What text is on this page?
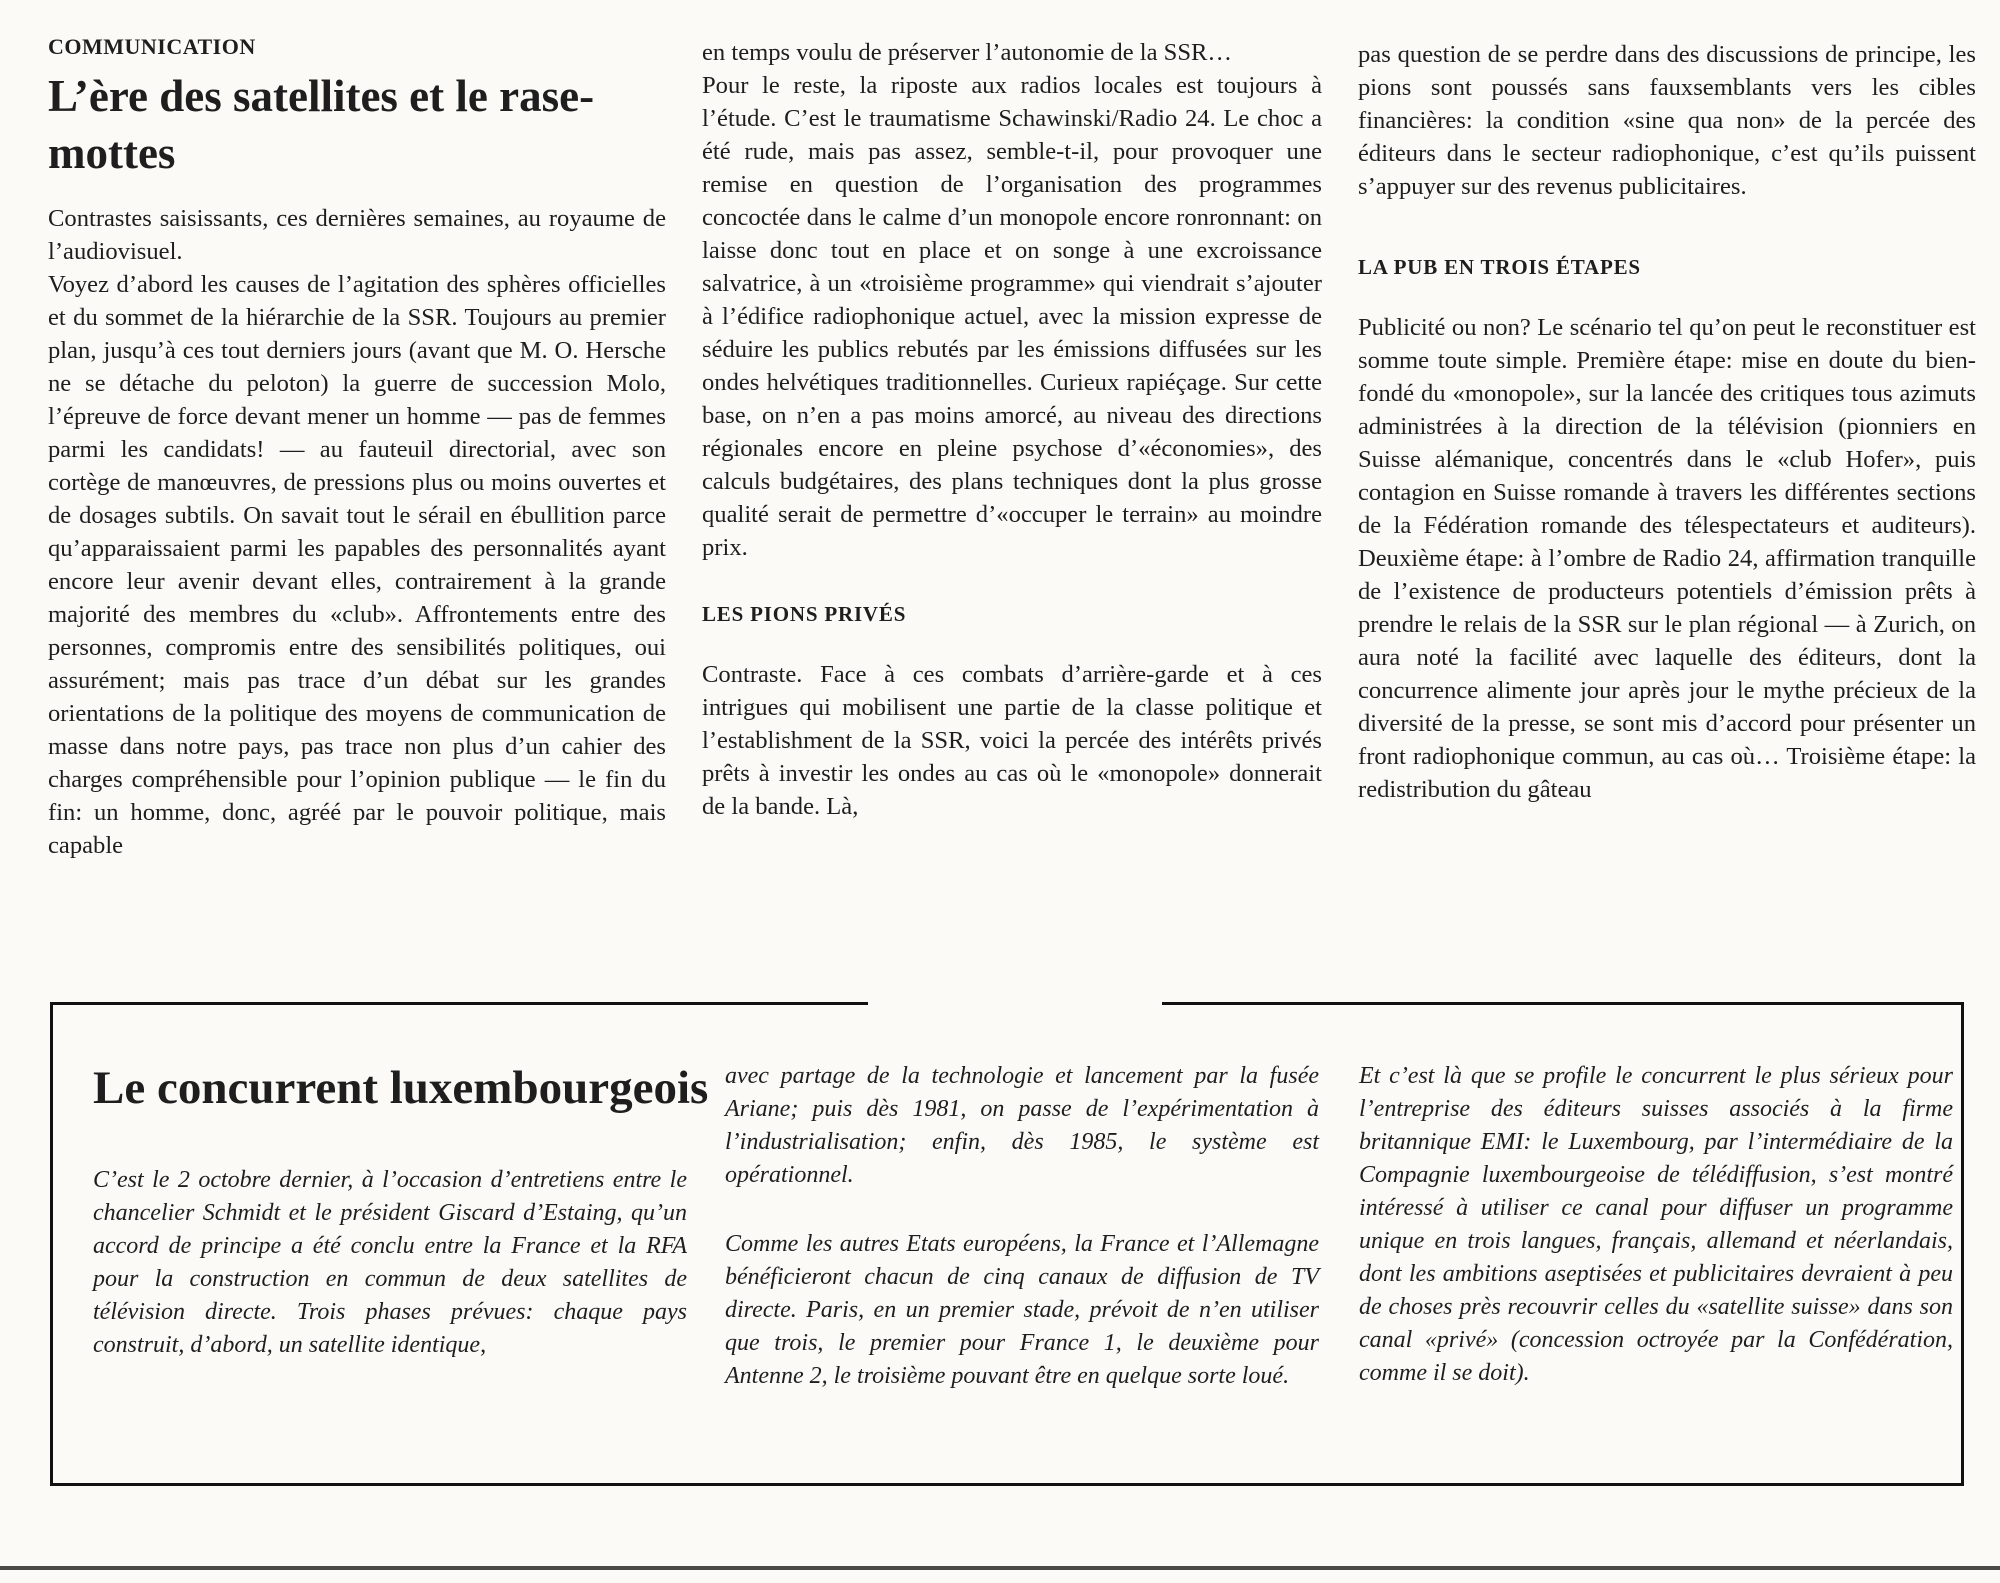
COMMUNICATION
L’ère des satellites et le rase-mottes

Contrastes saisissants, ces dernières semaines, au royaume de l’audiovisuel.

Voyez d’abord les causes de l’agitation des sphères officielles et du sommet de la hiérarchie de la SSR. Toujours au premier plan, jusqu’à ces tout derniers jours (avant que M. O. Hersche ne se détache du peloton) la guerre de succession Molo, l’épreuve de force devant mener un homme — pas de femmes parmi les candidats! — au fauteuil directorial, avec son cortège de manœuvres, de pressions plus ou moins ouvertes et de dosages subtils. On savait tout le sérail en ébullition parce qu’apparaissaient parmi les papables des personnalités ayant encore leur avenir devant elles, contrairement à la grande majorité des membres du «club». Affrontements entre des personnes, compromis entre des sensibilités politiques, oui assurément; mais pas trace d’un débat sur les grandes orientations de la politique des moyens de communication de masse dans notre pays, pas trace non plus d’un cahier des charges compréhensible pour l’opinion publique — le fin du fin: un homme, donc, agréé par le pouvoir politique, mais capable

en temps voulu de préserver l’autonomie de la SSR…

Pour le reste, la riposte aux radios locales est toujours à l’étude. C’est le traumatisme Schawinski/Radio 24. Le choc a été rude, mais pas assez, semble-t-il, pour provoquer une remise en question de l’organisation des programmes concoctée dans le calme d’un monopole encore ronronnant: on laisse donc tout en place et on songe à une excroissance salvatrice, à un «troisième programme» qui viendrait s’ajouter à l’édifice radiophonique actuel, avec la mission expresse de séduire les publics rebutés par les émissions diffusées sur les ondes helvétiques traditionnelles. Curieux rapiéçage. Sur cette base, on n’en a pas moins amorcé, au niveau des directions régionales encore en pleine psychose d’«économies», des calculs budgétaires, des plans techniques dont la plus grosse qualité serait de permettre d’«occuper le terrain» au moindre prix.

LES PIONS PRIVÉS

Contraste. Face à ces combats d’arrière-garde et à ces intrigues qui mobilisent une partie de la classe politique et l’establishment de la SSR, voici la percée des intérêts privés prêts à investir les ondes au cas où le «monopole» donnerait de la bande. Là,

pas question de se perdre dans des discussions de principe, les pions sont poussés sans fauxsemblants vers les cibles financières: la condition «sine qua non» de la percée des éditeurs dans le secteur radiophonique, c’est qu’ils puissent s’appuyer sur des revenus publicitaires.

LA PUB EN TROIS ÉTAPES

Publicité ou non? Le scénario tel qu’on peut le reconstituer est somme toute simple. Première étape: mise en doute du bien-fondé du «monopole», sur la lancée des critiques tous azimuts administrées à la direction de la télévision (pionniers en Suisse alémanique, concentrés dans le «club Hofer», puis contagion en Suisse romande à travers les différentes sections de la Fédération romande des télespectateurs et auditeurs). Deuxième étape: à l’ombre de Radio 24, affirmation tranquille de l’existence de producteurs potentiels d’émission prêts à prendre le relais de la SSR sur le plan régional — à Zurich, on aura noté la facilité avec laquelle des éditeurs, dont la concurrence alimente jour après jour le mythe précieux de la diversité de la presse, se sont mis d’accord pour présenter un front radiophonique commun, au cas où… Troisième étape: la redistribution du gâteau

Le concurrent luxembourgeois

C’est le 2 octobre dernier, à l’occasion d’entretiens entre le chancelier Schmidt et le président Giscard d’Estaing, qu’un accord de principe a été conclu entre la France et la RFA pour la construction en commun de deux satellites de télévision directe. Trois phases prévues: chaque pays construit, d’abord, un satellite identique,

avec partage de la technologie et lancement par la fusée Ariane; puis dès 1981, on passe de l’expérimentation à l’industrialisation; enfin, dès 1985, le système est opérationnel.

Comme les autres Etats européens, la France et l’Allemagne bénéficieront chacun de cinq canaux de diffusion de TV directe. Paris, en un premier stade, prévoit de n’en utiliser que trois, le premier pour France 1, le deuxième pour Antenne 2, le troisième pouvant être en quelque sorte loué.

Et c’est là que se profile le concurrent le plus sérieux pour l’entreprise des éditeurs suisses associés à la firme britannique EMI: le Luxembourg, par l’intermédiaire de la Compagnie luxembourgeoise de télédiffusion, s’est montré intéressé à utiliser ce canal pour diffuser un programme unique en trois langues, français, allemand et néerlandais, dont les ambitions aseptisées et publicitaires devraient à peu de choses près recouvrir celles du «satellite suisse» dans son canal «privé» (concession octroyée par la Confédération, comme il se doit).
